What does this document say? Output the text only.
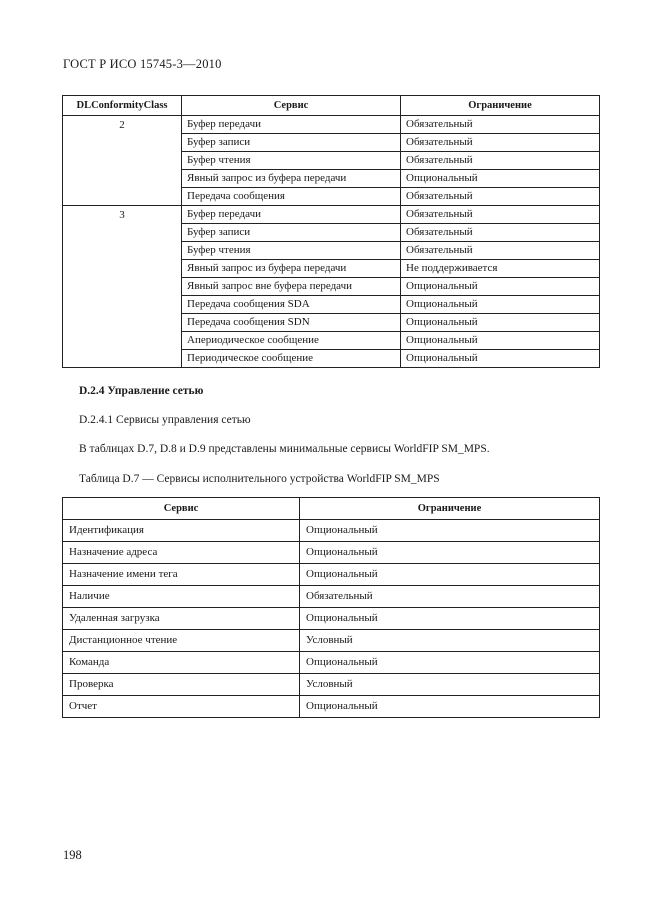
ГОСТ Р ИСО 15745-3—2010
DLConformityClass	Сервис	Ограничение
2	Буфер передачи	Обязательный
	Буфер записи	Обязательный
	Буфер чтения	Обязательный
	Явный запрос из буфера передачи	Опциональный
	Передача сообщения	Обязательный
3	Буфер передачи	Обязательный
	Буфер записи	Обязательный
	Буфер чтения	Обязательный
	Явный запрос из буфера передачи	Не поддерживается
	Явный запрос вне буфера передачи	Опциональный
	Передача сообщения SDA	Опциональный
	Передача сообщения SDN	Опциональный
	Апериодическое сообщение	Опциональный
	Периодическое сообщение	Опциональный
D.2.4 Управление сетью
D.2.4.1 Сервисы управления сетью
В таблицах D.7, D.8 и D.9 представлены минимальные сервисы WorldFIP SM_MPS.
Таблица D.7 — Сервисы исполнительного устройства WorldFIP SM_MPS
Сервис	Ограничение
Идентификация	Опциональный
Назначение адреса	Опциональный
Назначение имени тега	Опциональный
Наличие	Обязательный
Удаленная загрузка	Опциональный
Дистанционное чтение	Условный
Команда	Опциональный
Проверка	Условный
Отчет	Опциональный
198
